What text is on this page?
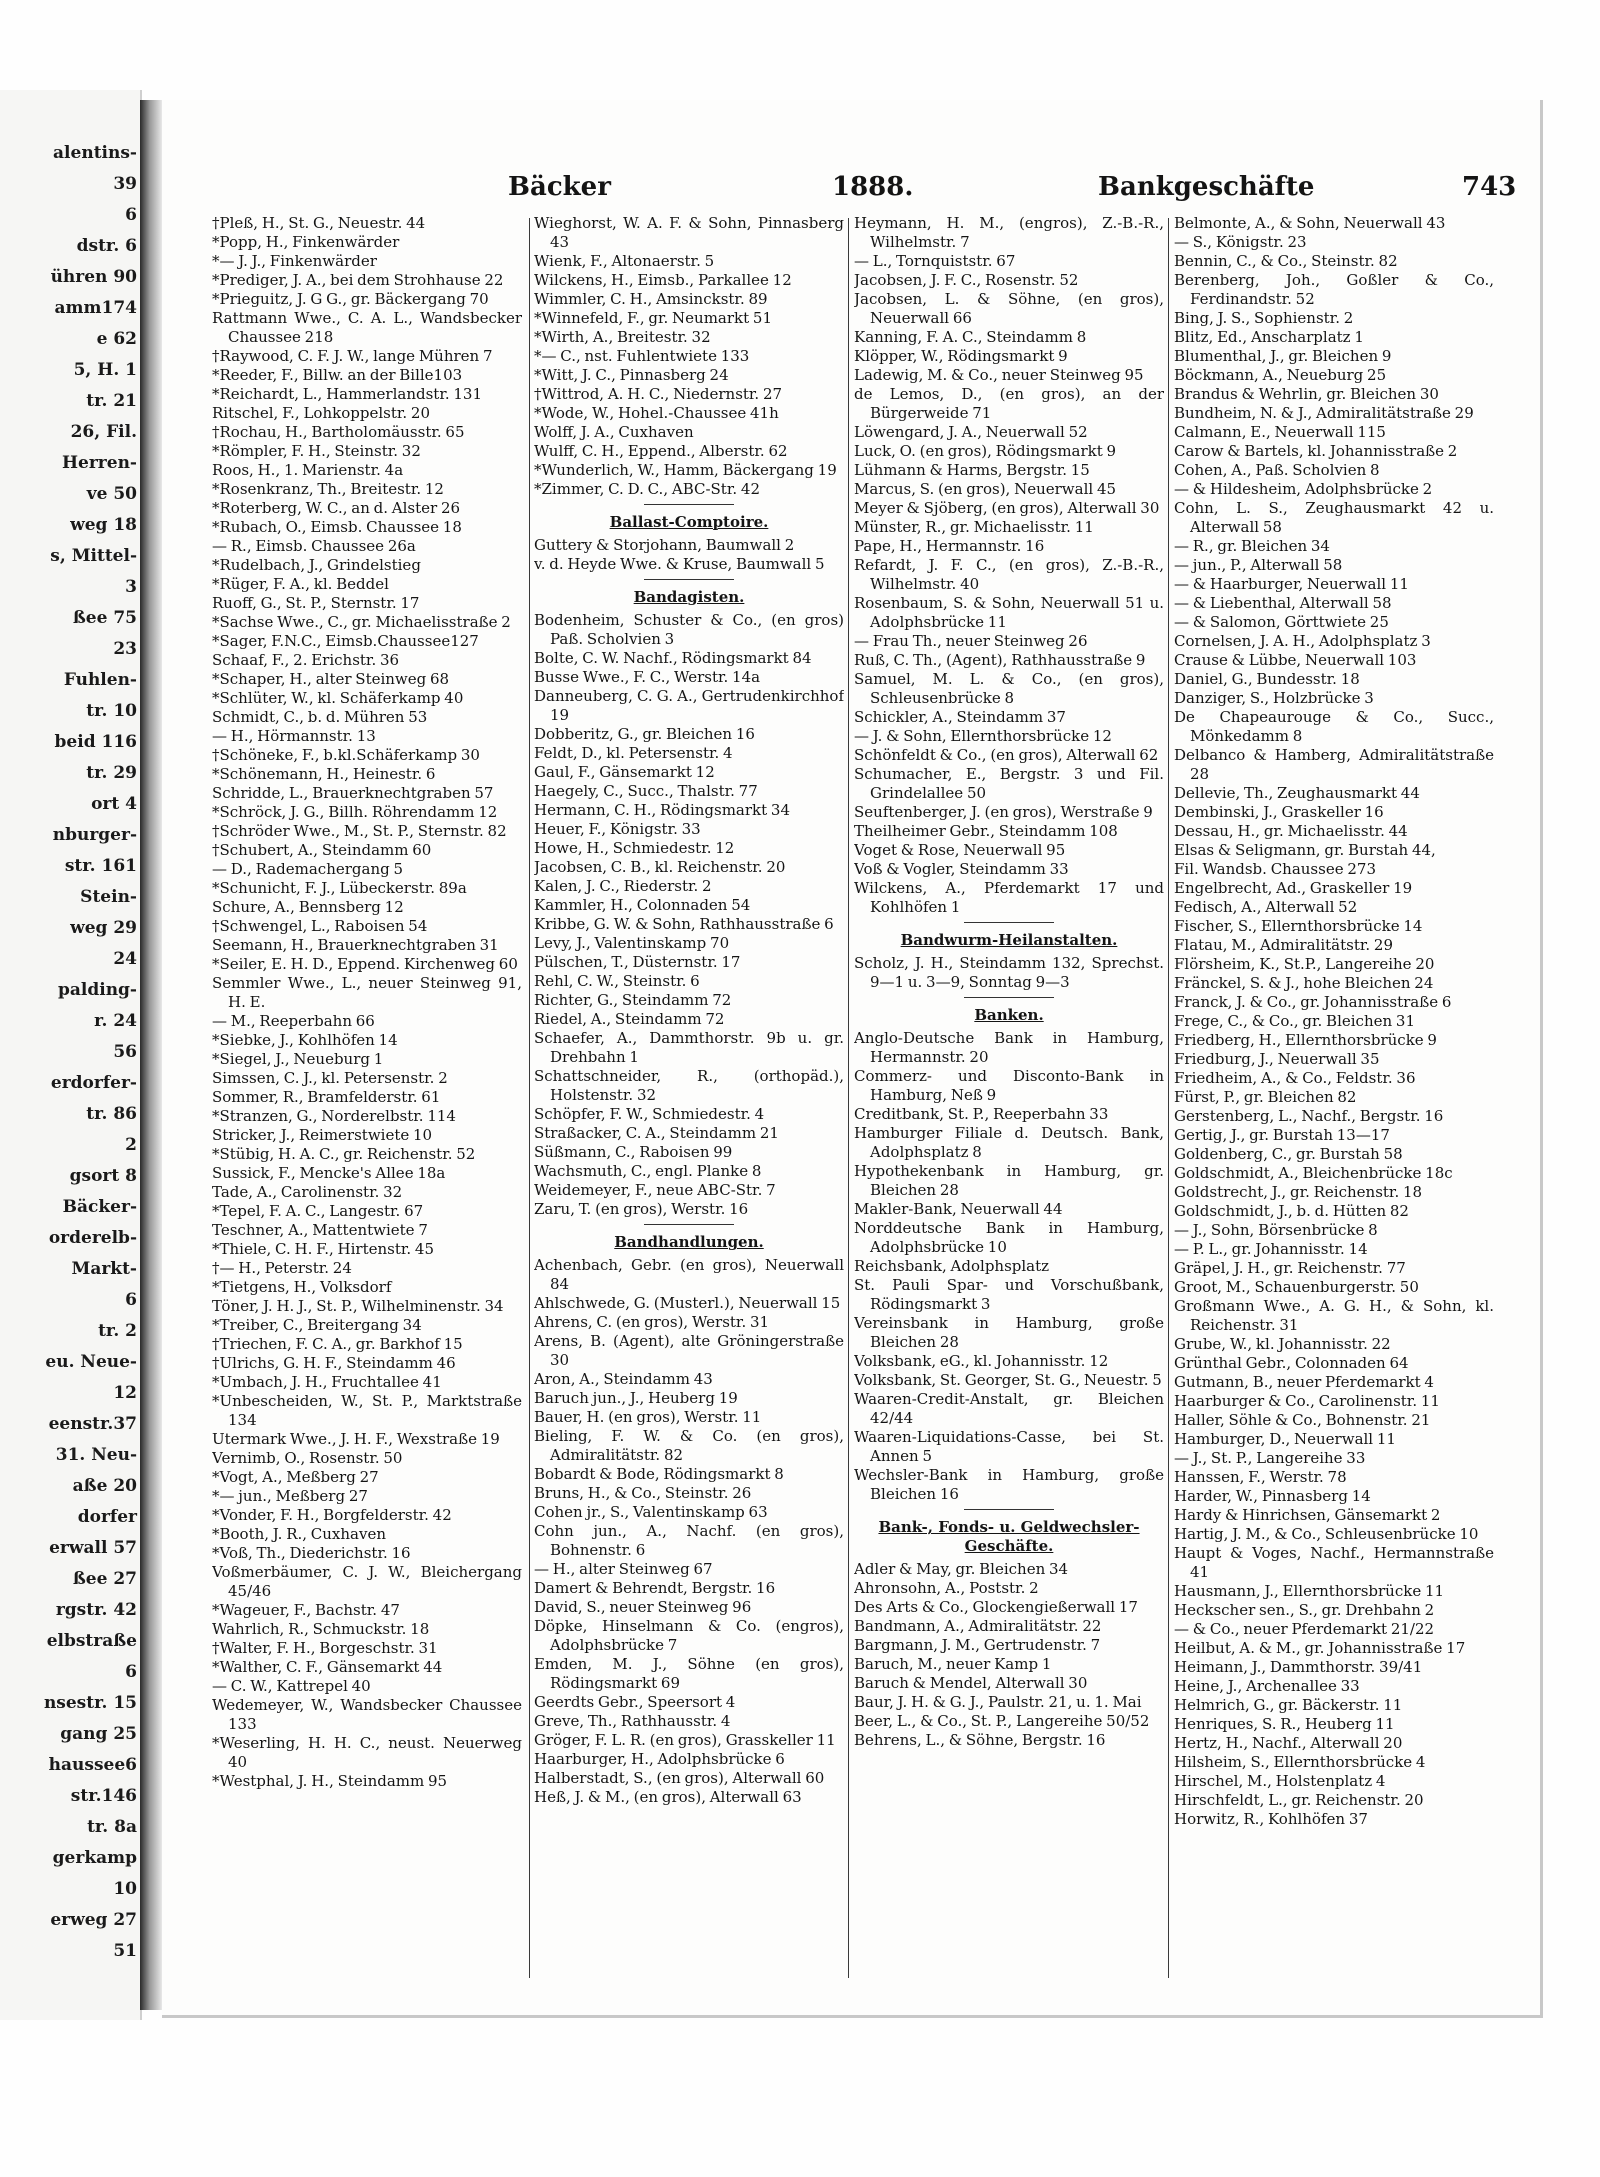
alentins-
39
6
dstr. 6
ühren 90
amm174
e 62
5, H. 1
tr. 21
26, Fil.
Herren-
ve 50
weg 18
s, Mittel-
3
ßee 75
23
Fuhlen-
tr. 10
beid 116
tr. 29
ort 4
nburger-
str. 161
Stein-
weg 29
24
palding-
r. 24
56
erdorfer-
tr. 86
2
gsort 8
Bäcker-
orderelb-
Markt-
6
tr. 2
eu. Neue-
12
eenstr.37
31. Neu-
aße 20
dorfer
erwall 57
ßee 27
rgstr. 42
elbstraße
6
nsestr. 15
gang 25
haussee6
str.146
tr. 8a
gerkamp
10
erweg 27
51
Bäcker	1888.	Bankgeschäfte	743

†Pleß, H., St. G., Neuestr. 44

*Popp, H., Finkenwärder

*— J. J., Finkenwärder

*Prediger, J. A., bei dem Strohhause 22

*Prieguitz, J. G G., gr. Bäckergang 70

Rattmann Wwe., C. A. L., Wandsbecker Chaussee 218

†Raywood, C. F. J. W., lange Mühren 7

*Reeder, F., Billw. an der Bille103

*Reichardt, L., Hammerlandstr. 131

Ritschel, F., Lohkoppelstr. 20

†Rochau, H., Bartholomäusstr. 65

*Römpler, F. H., Steinstr. 32

Roos, H., 1. Marienstr. 4a

*Rosenkranz, Th., Breitestr. 12

*Roterberg, W. C., an d. Alster 26

*Rubach, O., Eimsb. Chaussee 18

— R., Eimsb. Chaussee 26a

*Rudelbach, J., Grindelstieg

*Rüger, F. A., kl. Beddel

Ruoff, G., St. P., Sternstr. 17

*Sachse Wwe., C., gr. Michaelisstraße 2

*Sager, F.N.C., Eimsb.Chaussee127

Schaaf, F., 2. Erichstr. 36

*Schaper, H., alter Steinweg 68

*Schlüter, W., kl. Schäferkamp 40

Schmidt, C., b. d. Mühren 53

— H., Hörmannstr. 13

†Schöneke, F., b.kl.Schäferkamp 30

*Schönemann, H., Heinestr. 6

Schridde, L., Brauerknechtgraben 57

*Schröck, J. G., Billh. Röhrendamm 12

†Schröder Wwe., M., St. P., Sternstr. 82

†Schubert, A., Steindamm 60

— D., Rademachergang 5

*Schunicht, F. J., Lübeckerstr. 89a

Schure, A., Bennsberg 12

†Schwengel, L., Raboisen 54

Seemann, H., Brauerknechtgraben 31

*Seiler, E. H. D., Eppend. Kirchenweg 60

Semmler Wwe., L., neuer Steinweg 91, H. E.

— M., Reeperbahn 66

*Siebke, J., Kohlhöfen 14

*Siegel, J., Neueburg 1

Simssen, C. J., kl. Petersenstr. 2

Sommer, R., Bramfelderstr. 61

*Stranzen, G., Norderelbstr. 114

Stricker, J., Reimerstwiete 10

*Stübig, H. A. C., gr. Reichenstr. 52

Sussick, F., Mencke's Allee 18a

Tade, A., Carolinenstr. 32

*Tepel, F. A. C., Langestr. 67

Teschner, A., Mattentwiete 7

*Thiele, C. H. F., Hirtenstr. 45

†— H., Peterstr. 24

*Tietgens, H., Volksdorf

Töner, J. H. J., St. P., Wilhelminenstr. 34

*Treiber, C., Breitergang 34

†Triechen, F. C. A., gr. Barkhof 15

†Ulrichs, G. H. F., Steindamm 46

*Umbach, J. H., Fruchtallee 41

*Unbescheiden, W., St. P., Marktstraße 134

Utermark Wwe., J. H. F., Wexstraße 19

Vernimb, O., Rosenstr. 50

*Vogt, A., Meßberg 27

*— jun., Meßberg 27

*Vonder, F. H., Borgfelderstr. 42

*Booth, J. R., Cuxhaven

*Voß, Th., Diederichstr. 16

Voßmerbäumer, C. J. W., Bleichergang 45/46

*Wageuer, F., Bachstr. 47

Wahrlich, R., Schmuckstr. 18

†Walter, F. H., Borgeschstr. 31

*Walther, C. F., Gänsemarkt 44

— C. W., Kattrepel 40

Wedemeyer, W., Wandsbecker Chaussee 133

*Weserling, H. H. C., neust. Neuerweg 40

*Westphal, J. H., Steindamm 95

Wieghorst, W. A. F. & Sohn, Pinnasberg 43

Wienk, F., Altonaerstr. 5

Wilckens, H., Eimsb., Parkallee 12

Wimmler, C. H., Amsinckstr. 89

*Winnefeld, F., gr. Neumarkt 51

*Wirth, A., Breitestr. 32

*— C., nst. Fuhlentwiete 133

*Witt, J. C., Pinnasberg 24

†Wittrod, A. H. C., Niedernstr. 27

*Wode, W., Hohel.-Chaussee 41h

Wolff, J. A., Cuxhaven

Wulff, C. H., Eppend., Alberstr. 62

*Wunderlich, W., Hamm, Bäckergang 19

*Zimmer, C. D. C., ABC-Str. 42

Ballast-Comptoire.

Guttery & Storjohann, Baumwall 2

v. d. Heyde Wwe. & Kruse, Baumwall 5

Bandagisten.

Bodenheim, Schuster & Co., (en gros) Paß. Scholvien 3

Bolte, C. W. Nachf., Rödingsmarkt 84

Busse Wwe., F. C., Werstr. 14a

Danneuberg, C. G. A., Gertrudenkirchhof 19

Dobberitz, G., gr. Bleichen 16

Feldt, D., kl. Petersenstr. 4

Gaul, F., Gänsemarkt 12

Haegely, C., Succ., Thalstr. 77

Hermann, C. H., Rödingsmarkt 34

Heuer, F., Königstr. 33

Howe, H., Schmiedestr. 12

Jacobsen, C. B., kl. Reichenstr. 20

Kalen, J. C., Riederstr. 2

Kammler, H., Colonnaden 54

Kribbe, G. W. & Sohn, Rathhausstraße 6

Levy, J., Valentinskamp 70

Pülschen, T., Düsternstr. 17

Rehl, C. W., Steinstr. 6

Richter, G., Steindamm 72

Riedel, A., Steindamm 72

Schaefer, A., Dammthorstr. 9b u. gr. Drehbahn 1

Schattschneider, R., (orthopäd.), Holstenstr. 32

Schöpfer, F. W., Schmiedestr. 4

Straßacker, C. A., Steindamm 21

Süßmann, C., Raboisen 99

Wachsmuth, C., engl. Planke 8

Weidemeyer, F., neue ABC-Str. 7

Zaru, T. (en gros), Werstr. 16

Bandhandlungen.

Achenbach, Gebr. (en gros), Neuerwall 84

Ahlschwede, G. (Musterl.), Neuerwall 15

Ahrens, C. (en gros), Werstr. 31

Arens, B. (Agent), alte Gröningerstraße 30

Aron, A., Steindamm 43

Baruch jun., J., Heuberg 19

Bauer, H. (en gros), Werstr. 11

Bieling, F. W. & Co. (en gros), Admiralitätstr. 82

Bobardt & Bode, Rödingsmarkt 8

Bruns, H., & Co., Steinstr. 26

Cohen jr., S., Valentinskamp 63

Cohn jun., A., Nachf. (en gros), Bohnenstr. 6

— H., alter Steinweg 67

Damert & Behrendt, Bergstr. 16

David, S., neuer Steinweg 96

Döpke, Hinselmann & Co. (engros), Adolphsbrücke 7

Emden, M. J., Söhne (en gros), Rödingsmarkt 69

Geerdts Gebr., Speersort 4

Greve, Th., Rathhausstr. 4

Gröger, F. L. R. (en gros), Grasskeller 11

Haarburger, H., Adolphsbrücke 6

Halberstadt, S., (en gros), Alterwall 60

Heß, J. & M., (en gros), Alterwall 63

Heymann, H. M., (engros), Z.-B.-R., Wilhelmstr. 7

— L., Tornquiststr. 67

Jacobsen, J. F. C., Rosenstr. 52

Jacobsen, L. & Söhne, (en gros), Neuerwall 66

Kanning, F. A. C., Steindamm 8

Klöpper, W., Rödingsmarkt 9

Ladewig, M. & Co., neuer Steinweg 95

de Lemos, D., (en gros), an der Bürgerweide 71

Löwengard, J. A., Neuerwall 52

Luck, O. (en gros), Rödingsmarkt 9

Lühmann & Harms, Bergstr. 15

Marcus, S. (en gros), Neuerwall 45

Meyer & Sjöberg, (en gros), Alterwall 30

Münster, R., gr. Michaelisstr. 11

Pape, H., Hermannstr. 16

Refardt, J. F. C., (en gros), Z.-B.-R., Wilhelmstr. 40

Rosenbaum, S. & Sohn, Neuerwall 51 u. Adolphsbrücke 11

— Frau Th., neuer Steinweg 26

Ruß, C. Th., (Agent), Rathhausstraße 9

Samuel, M. L. & Co., (en gros), Schleusenbrücke 8

Schickler, A., Steindamm 37

— J. & Sohn, Ellernthorsbrücke 12

Schönfeldt & Co., (en gros), Alterwall 62

Schumacher, E., Bergstr. 3 und Fil. Grindelallee 50

Seuftenberger, J. (en gros), Werstraße 9

Theilheimer Gebr., Steindamm 108

Voget & Rose, Neuerwall 95

Voß & Vogler, Steindamm 33

Wilckens, A., Pferdemarkt 17 und Kohlhöfen 1

Bandwurm-Heilanstalten.

Scholz, J. H., Steindamm 132, Sprechst. 9—1 u. 3—9, Sonntag 9—3

Banken.

Anglo-Deutsche Bank in Hamburg, Hermannstr. 20

Commerz- und Disconto-Bank in Hamburg, Neß 9

Creditbank, St. P., Reeperbahn 33

Hamburger Filiale d. Deutsch. Bank, Adolphsplatz 8

Hypothekenbank in Hamburg, gr. Bleichen 28

Makler-Bank, Neuerwall 44

Norddeutsche Bank in Hamburg, Adolphsbrücke 10

Reichsbank, Adolphsplatz

St. Pauli Spar- und Vorschußbank, Rödingsmarkt 3

Vereinsbank in Hamburg, große Bleichen 28

Volksbank, eG., kl. Johannisstr. 12

Volksbank, St. Georger, St. G., Neuestr. 5

Waaren-Credit-Anstalt, gr. Bleichen 42/44

Waaren-Liquidations-Casse, bei St. Annen 5

Wechsler-Bank in Hamburg, große Bleichen 16

Bank-, Fonds- u. Geldwechsler-Geschäfte.

Adler & May, gr. Bleichen 34

Ahronsohn, A., Poststr. 2

Des Arts & Co., Glockengießerwall 17

Bandmann, A., Admiralitätstr. 22

Bargmann, J. M., Gertrudenstr. 7

Baruch, M., neuer Kamp 1

Baruch & Mendel, Alterwall 30

Baur, J. H. & G. J., Paulstr. 21, u. 1. Mai

Beer, L., & Co., St. P., Langereihe 50/52

Behrens, L., & Söhne, Bergstr. 16

Belmonte, A., & Sohn, Neuerwall 43

— S., Königstr. 23

Bennin, C., & Co., Steinstr. 82

Berenberg, Joh., Goßler & Co., Ferdinandstr. 52

Bing, J. S., Sophienstr. 2

Blitz, Ed., Anscharplatz 1

Blumenthal, J., gr. Bleichen 9

Böckmann, A., Neueburg 25

Brandus & Wehrlin, gr. Bleichen 30

Bundheim, N. & J., Admiralitätstraße 29

Calmann, E., Neuerwall 115

Carow & Bartels, kl. Johannisstraße 2

Cohen, A., Paß. Scholvien 8

— & Hildesheim, Adolphsbrücke 2

Cohn, L. S., Zeughausmarkt 42 u. Alterwall 58

— R., gr. Bleichen 34

— jun., P., Alterwall 58

— & Haarburger, Neuerwall 11

— & Liebenthal, Alterwall 58

— & Salomon, Görttwiete 25

Cornelsen, J. A. H., Adolphsplatz 3

Crause & Lübbe, Neuerwall 103

Daniel, G., Bundesstr. 18

Danziger, S., Holzbrücke 3

De Chapeaurouge & Co., Succ., Mönkedamm 8

Delbanco & Hamberg, Admiralitätstraße 28

Dellevie, Th., Zeughausmarkt 44

Dembinski, J., Graskeller 16

Dessau, H., gr. Michaelisstr. 44

Elsas & Seligmann, gr. Burstah 44,

Fil. Wandsb. Chaussee 273

Engelbrecht, Ad., Graskeller 19

Fedisch, A., Alterwall 52

Fischer, S., Ellernthorsbrücke 14

Flatau, M., Admiralitätstr. 29

Flörsheim, K., St.P., Langereihe 20

Fränckel, S. & J., hohe Bleichen 24

Franck, J. & Co., gr. Johannisstraße 6

Frege, C., & Co., gr. Bleichen 31

Friedberg, H., Ellernthorsbrücke 9

Friedburg, J., Neuerwall 35

Friedheim, A., & Co., Feldstr. 36

Fürst, P., gr. Bleichen 82

Gerstenberg, L., Nachf., Bergstr. 16

Gertig, J., gr. Burstah 13—17

Goldenberg, C., gr. Burstah 58

Goldschmidt, A., Bleichenbrücke 18c

Goldstrecht, J., gr. Reichenstr. 18

Goldschmidt, J., b. d. Hütten 82

— J., Sohn, Börsenbrücke 8

— P. L., gr. Johannisstr. 14

Gräpel, J. H., gr. Reichenstr. 77

Groot, M., Schauenburgerstr. 50

Großmann Wwe., A. G. H., & Sohn, kl. Reichenstr. 31

Grube, W., kl. Johannisstr. 22

Grünthal Gebr., Colonnaden 64

Gutmann, B., neuer Pferdemarkt 4

Haarburger & Co., Carolinenstr. 11

Haller, Söhle & Co., Bohnenstr. 21

Hamburger, D., Neuerwall 11

— J., St. P., Langereihe 33

Hanssen, F., Werstr. 78

Harder, W., Pinnasberg 14

Hardy & Hinrichsen, Gänsemarkt 2

Hartig, J. M., & Co., Schleusenbrücke 10

Haupt & Voges, Nachf., Hermannstraße 41

Hausmann, J., Ellernthorsbrücke 11

Heckscher sen., S., gr. Drehbahn 2

— & Co., neuer Pferdemarkt 21/22

Heilbut, A. & M., gr. Johannisstraße 17

Heimann, J., Dammthorstr. 39/41

Heine, J., Archenallee 33

Helmrich, G., gr. Bäckerstr. 11

Henriques, S. R., Heuberg 11

Hertz, H., Nachf., Alterwall 20

Hilsheim, S., Ellernthorsbrücke 4

Hirschel, M., Holstenplatz 4

Hirschfeldt, L., gr. Reichenstr. 20

Horwitz, R., Kohlhöfen 37
